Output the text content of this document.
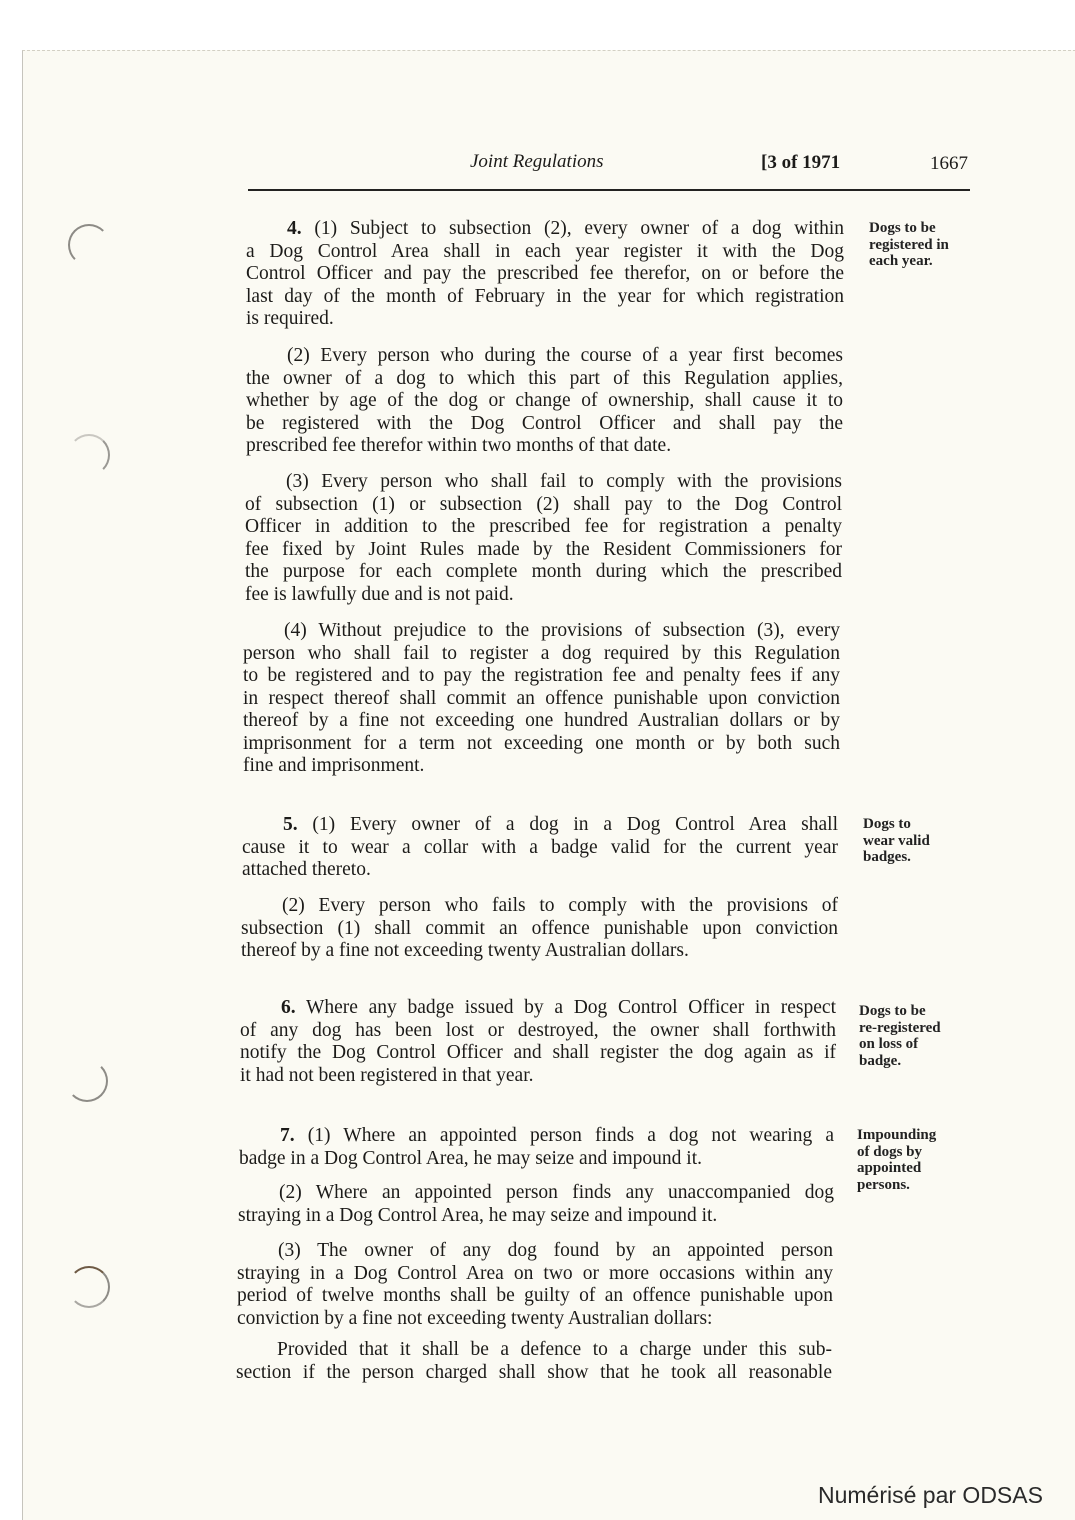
Joint Regulations	[3 of 1971	1667
Dogs to be
registered in
each year.
4. (1) Subject to subsection (2), every owner of a dog within
a Dog Control Area shall in each year register it with the Dog
Control Officer and pay the prescribed fee therefor, on or before the
last day of the month of February in the year for which registration
is required.
(2) Every person who during the course of a year first becomes
the owner of a dog to which this part of this Regulation applies,
whether by age of the dog or change of ownership, shall cause it to
be registered with the Dog Control Officer and shall pay the
prescribed fee therefor within two months of that date.
(3) Every person who shall fail to comply with the provisions
of subsection (1) or subsection (2) shall pay to the Dog Control
Officer in addition to the prescribed fee for registration a penalty
fee fixed by Joint Rules made by the Resident Commissioners for
the purpose for each complete month during which the prescribed
fee is lawfully due and is not paid.
(4) Without prejudice to the provisions of subsection (3), every
person who shall fail to register a dog required by this Regulation
to be registered and to pay the registration fee and penalty fees if any
in respect thereof shall commit an offence punishable upon conviction
thereof by a fine not exceeding one hundred Australian dollars or by
imprisonment for a term not exceeding one month or by both such
fine and imprisonment.
Dogs to
wear valid
badges.
5. (1) Every owner of a dog in a Dog Control Area shall
cause it to wear a collar with a badge valid for the current year
attached thereto.
(2) Every person who fails to comply with the provisions of
subsection (1) shall commit an offence punishable upon conviction
thereof by a fine not exceeding twenty Australian dollars.
Dogs to be
re-registered
on loss of
badge.
6. Where any badge issued by a Dog Control Officer in respect
of any dog has been lost or destroyed, the owner shall forthwith
notify the Dog Control Officer and shall register the dog again as if
it had not been registered in that year.
Impounding
of dogs by
appointed
persons.
7. (1) Where an appointed person finds a dog not wearing a
badge in a Dog Control Area, he may seize and impound it.
(2) Where an appointed person finds any unaccompanied dog
straying in a Dog Control Area, he may seize and impound it.
(3) The owner of any dog found by an appointed person
straying in a Dog Control Area on two or more occasions within any
period of twelve months shall be guilty of an offence punishable upon
conviction by a fine not exceeding twenty Australian dollars:
Provided that it shall be a defence to a charge under this sub-
section if the person charged shall show that he took all reasonable
Numérisé par ODSAS
